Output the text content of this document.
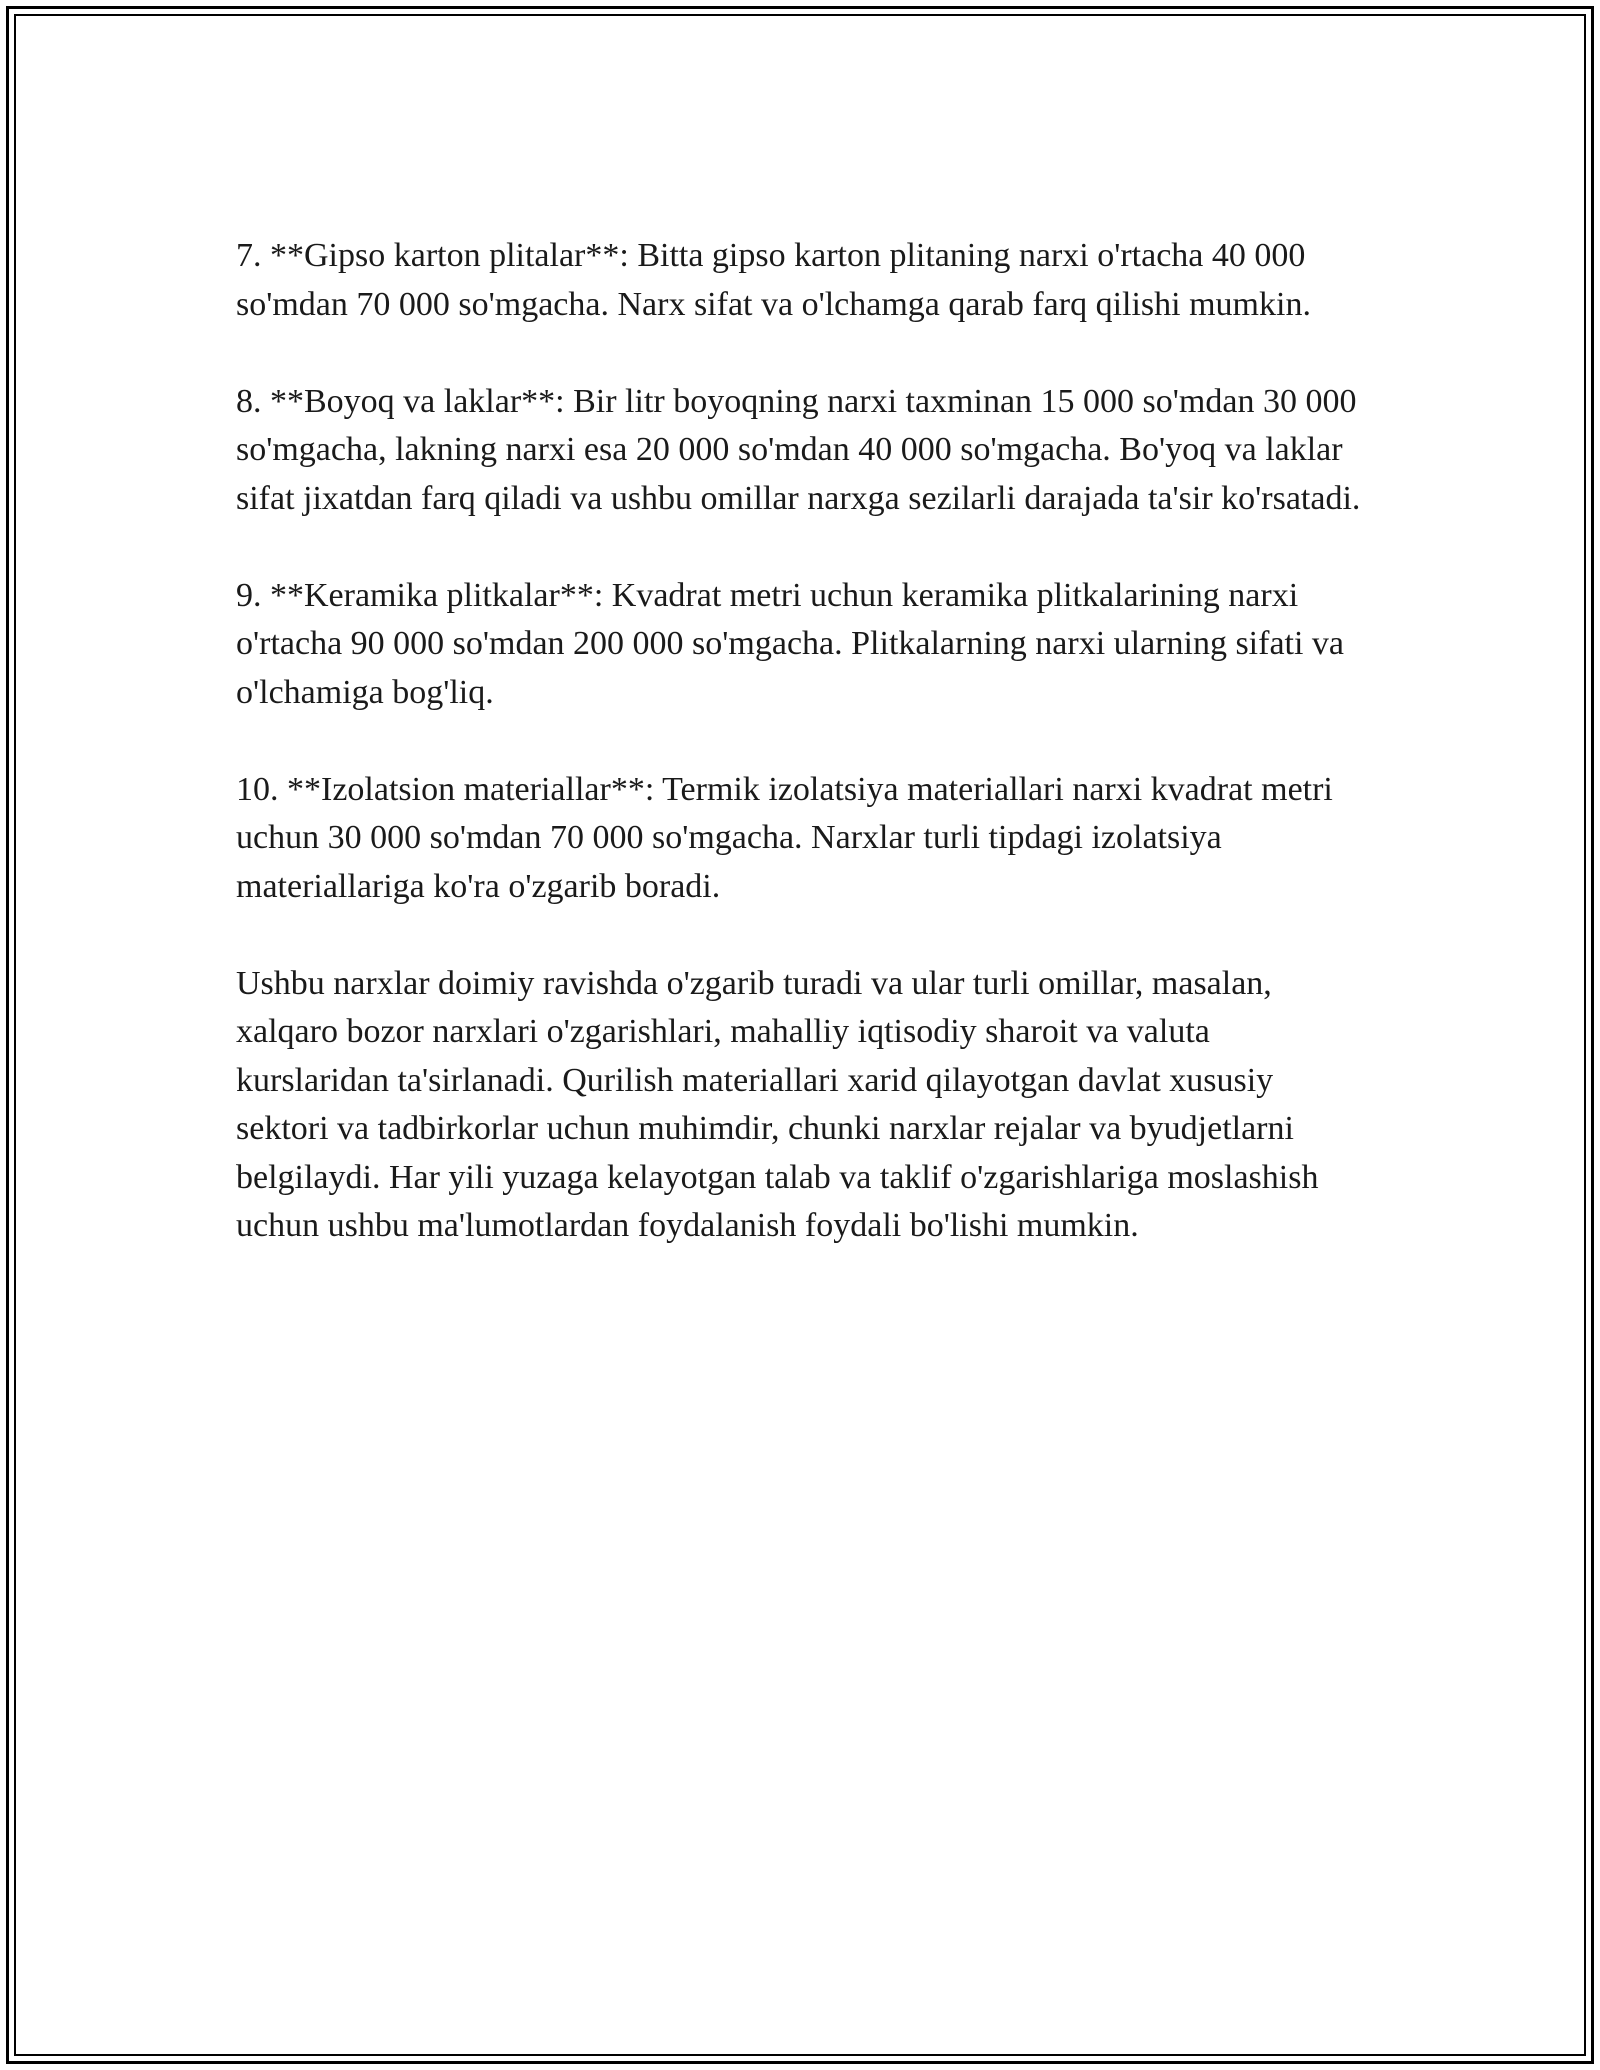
7. **Gipso karton plitalar**: Bitta gipso karton plitaning narxi o'rtacha 40 000 so'mdan 70 000 so'mgacha. Narx sifat va o'lchamga qarab farq qilishi mumkin.

8. **Boyoq va laklar**: Bir litr boyoqning narxi taxminan 15 000 so'mdan 30 000 so'mgacha, lakning narxi esa 20 000 so'mdan 40 000 so'mgacha. Bo'yoq va laklar sifat jixatdan farq qiladi va ushbu omillar narxga sezilarli darajada ta'sir ko'rsatadi.

9. **Keramika plitkalar**: Kvadrat metri uchun keramika plitkalarining narxi o'rtacha 90 000 so'mdan 200 000 so'mgacha. Plitkalarning narxi ularning sifati va o'lchamiga bog'liq.

10. **Izolatsion materiallar**: Termik izolatsiya materiallari narxi kvadrat metri uchun 30 000 so'mdan 70 000 so'mgacha. Narxlar turli tipdagi izolatsiya materiallariga ko'ra o'zgarib boradi.

Ushbu narxlar doimiy ravishda o'zgarib turadi va ular turli omillar, masalan, xalqaro bozor narxlari o'zgarishlari, mahalliy iqtisodiy sharoit va valuta kurslaridan ta'sirlanadi. Qurilish materiallari xarid qilayotgan davlat xususiy sektori va tadbirkorlar uchun muhimdir, chunki narxlar rejalar va byudjetlarni belgilaydi. Har yili yuzaga kelayotgan talab va taklif o'zgarishlariga moslashish uchun ushbu ma'lumotlardan foydalanish foydali bo'lishi mumkin.
